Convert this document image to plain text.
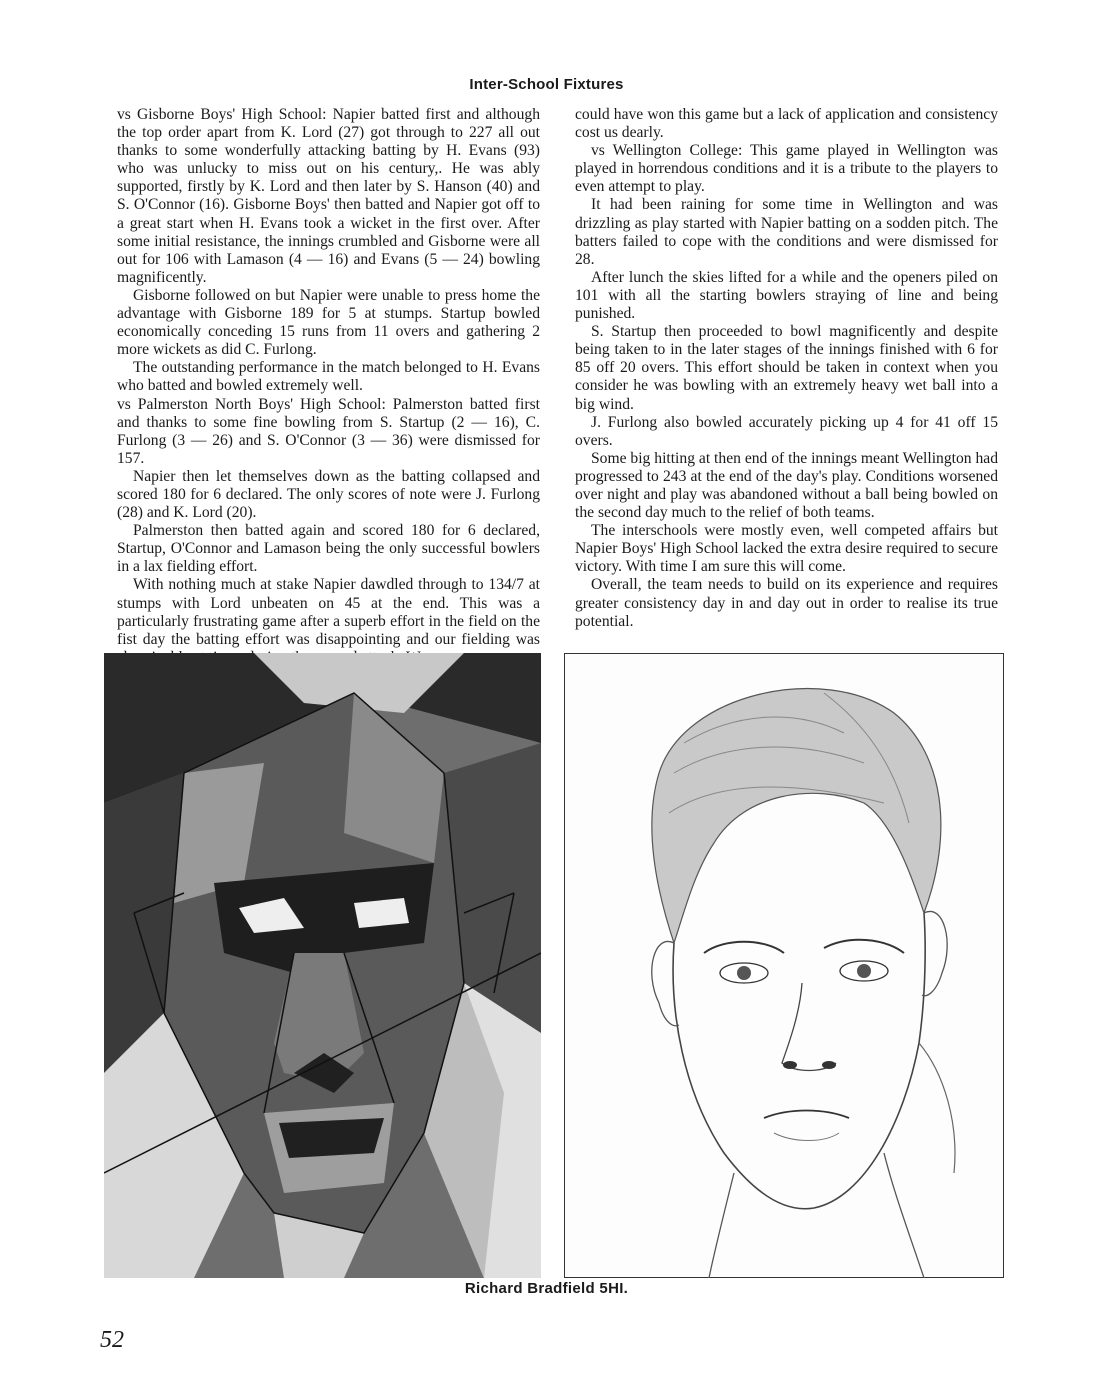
Inter-School Fixtures

vs Gisborne Boys' High School: Napier batted first and although the top order apart from K. Lord (27) got through to 227 all out thanks to some wonderfully attacking batting by H. Evans (93) who was unlucky to miss out on his century,. He was ably supported, firstly by K. Lord and then later by S. Hanson (40) and S. O'Connor (16). Gisborne Boys' then batted and Napier got off to a great start when H. Evans took a wicket in the first over. After some initial resistance, the innings crumbled and Gisborne were all out for 106 with Lamason (4 — 16) and Evans (5 — 24) bowling magnificently.

Gisborne followed on but Napier were unable to press home the advantage with Gisborne 189 for 5 at stumps. Startup bowled economically conceding 15 runs from 11 overs and gathering 2 more wickets as did C. Furlong.

The outstanding performance in the match belonged to H. Evans who batted and bowled extremely well.

vs Palmerston North Boys' High School: Palmerston batted first and thanks to some fine bowling from S. Startup (2 — 16), C. Furlong (3 — 26) and S. O'Connor (3 — 36) were dismissed for 157.

Napier then let themselves down as the batting collapsed and scored 180 for 6 declared. The only scores of note were J. Furlong (28) and K. Lord (20).

Palmerston then batted again and scored 180 for 6 declared, Startup, O'Connor and Lamason being the only successful bowlers in a lax fielding effort.

With nothing much at stake Napier dawdled through to 134/7 at stumps with Lord unbeaten on 45 at the end. This was a particularly frustrating game after a superb effort in the field on the fist day the batting effort was disappointing and our fielding was

could have won this game but a lack of application and consistency cost us dearly.

vs Wellington College: This game played in Wellington was played in horrendous conditions and it is a tribute to the players to even attempt to play.

It had been raining for some time in Wellington and was drizzling as play started with Napier batting on a sodden pitch. The batters failed to cope with the conditions and were dismissed for 28.

After lunch the skies lifted for a while and the openers piled on 101 with all the starting bowlers straying of line and being punished.

S. Startup then proceeded to bowl magnificently and despite being taken to in the later stages of the innings finished with 6 for 85 off 20 overs. This effort should be taken in context when you consider he was bowling with an extremely heavy wet ball into a big wind.

J. Furlong also bowled accurately picking up 4 for 41 off 15 overs.

Some big hitting at then end of the innings meant Wellington had progressed to 243 at the end of the day's play. Conditions worsened over night and play was abandoned without a ball being bowled on the second day much to the relief of both teams.

The interschools were mostly even, well competed affairs but Napier Boys' High School lacked the extra desire required to secure victory. With time I am sure this will come.

Overall, the team needs to build on its experience and requires greater consistency day in and day out in order to realise its true potential.

Richard Bradfield 5HI.
52
